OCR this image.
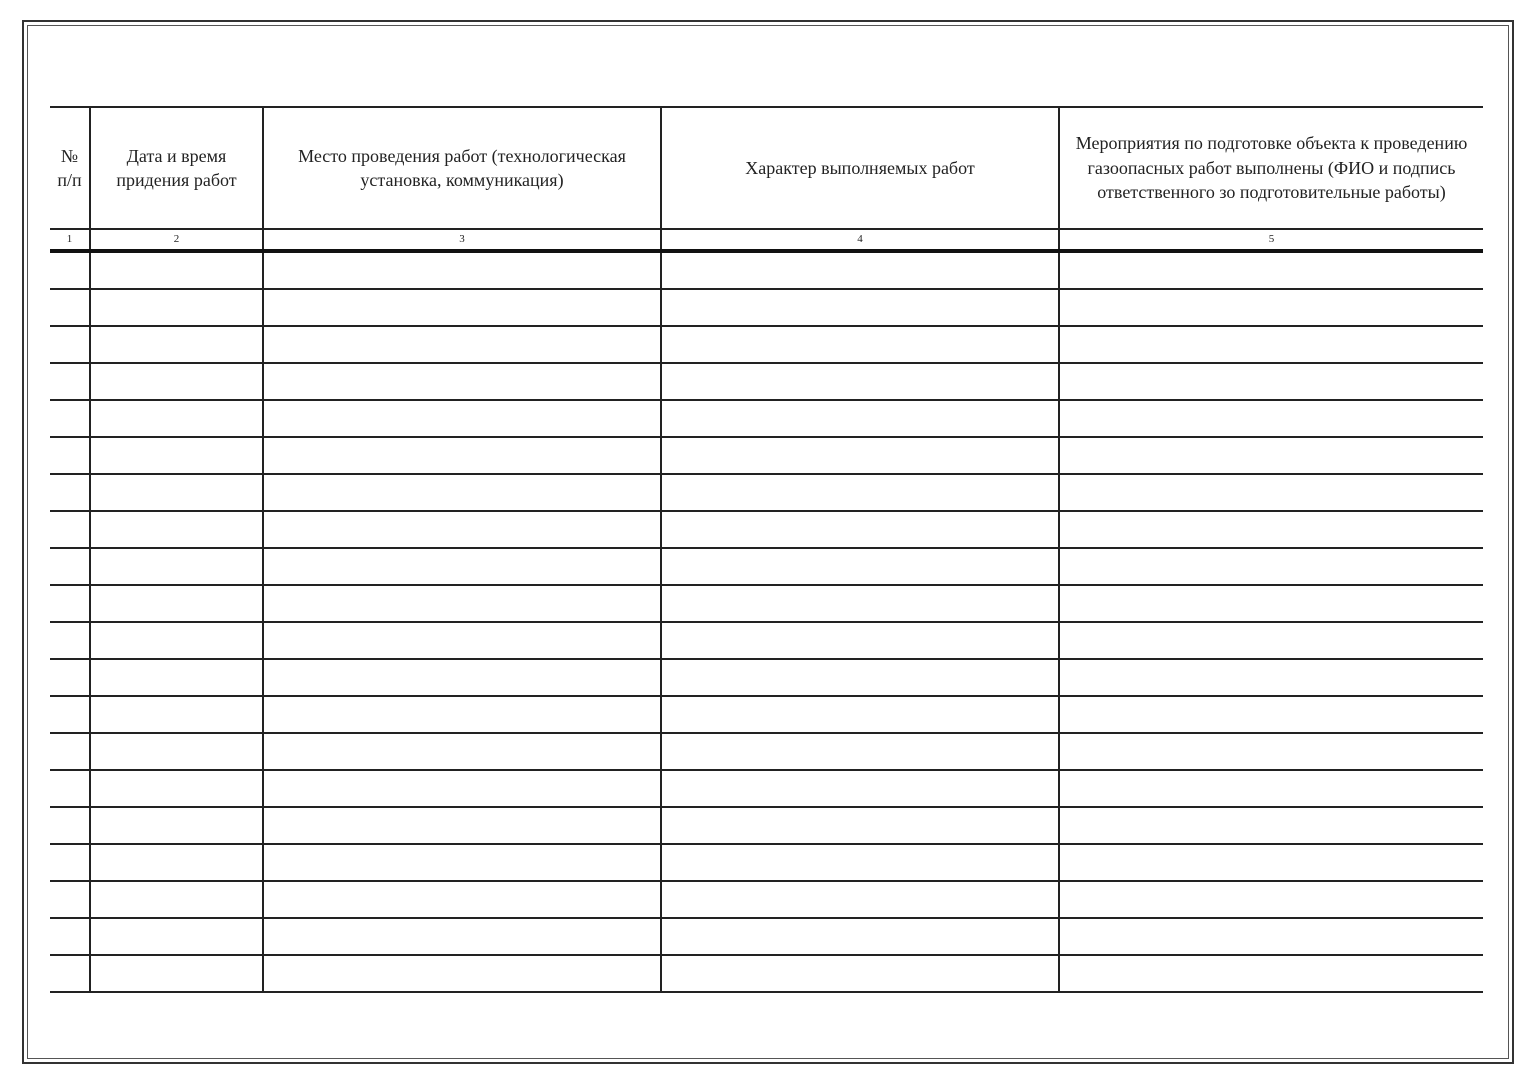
№ п/п	Дата и время придения работ	Место проведения работ (технологическая установка, коммуникация)	Характер выполняемых работ	Мероприятия по подготовке объекта к проведению газоопасных работ выполнены (ФИО и подпись ответственного зо подготовительные работы)

1	2	3	4	5
